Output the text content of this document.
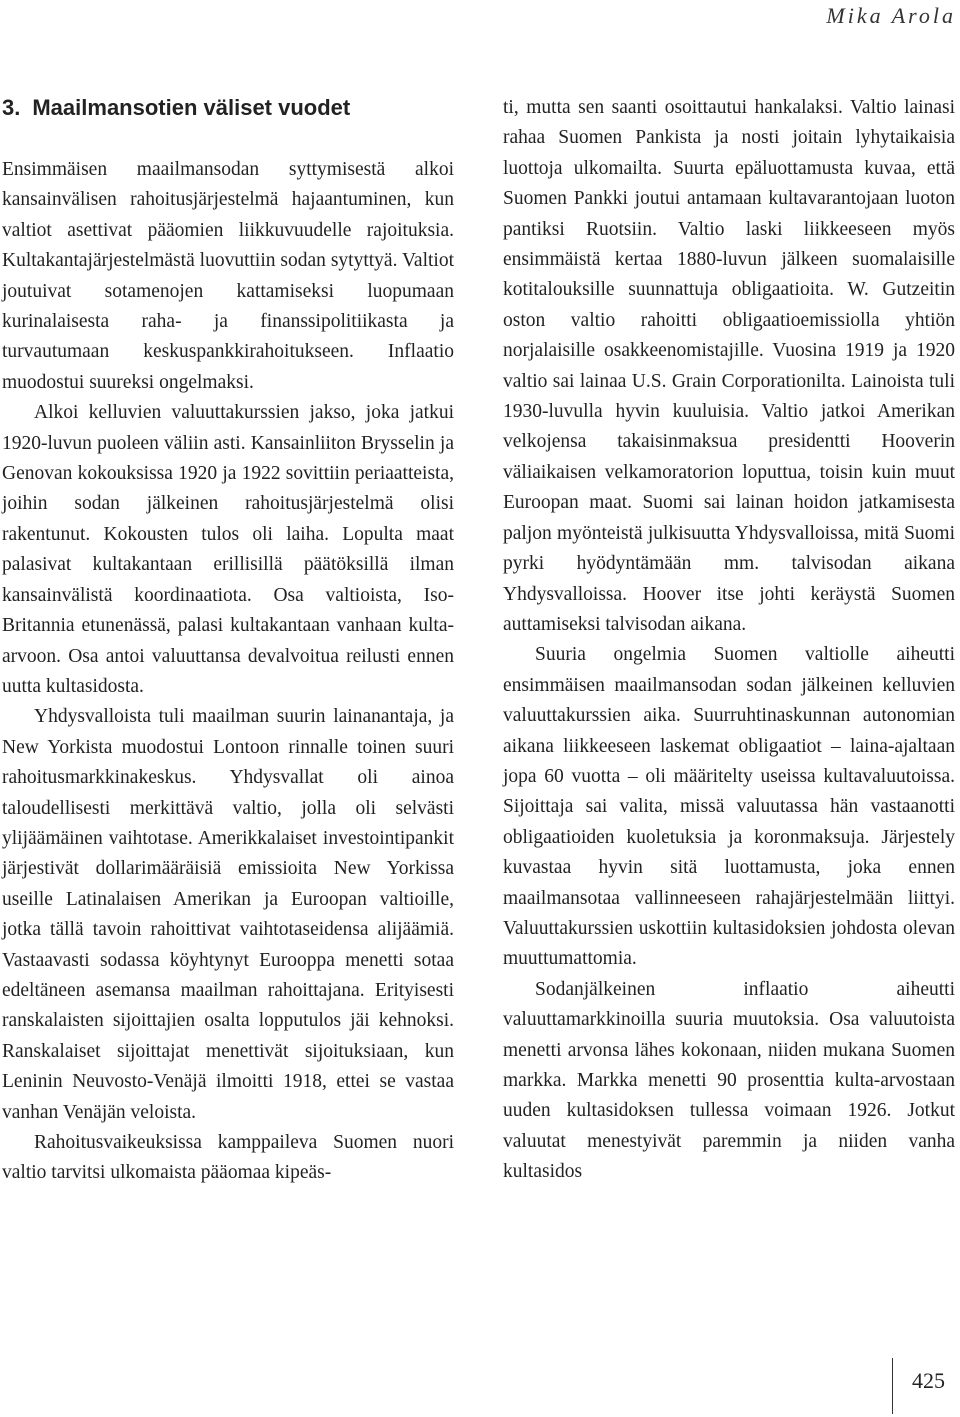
Mika Arola
3. Maailmansotien väliset vuodet

Ensimmäisen maailmansodan syttymisestä alkoi kansainvälisen rahoitusjärjestelmä hajaantuminen, kun valtiot asettivat pääomien liikkuvuudelle rajoituksia. Kultakantajärjestelmästä luovuttiin sodan sytyttyä. Valtiot joutuivat sotamenojen kattamiseksi luopumaan kurinalaisesta raha- ja finanssipolitiikasta ja turvautumaan keskuspankkirahoitukseen. Inflaatio muodostui suureksi ongelmaksi.

Alkoi kelluvien valuuttakurssien jakso, joka jatkui 1920-luvun puoleen väliin asti. Kansainliiton Brysselin ja Genovan kokouksissa 1920 ja 1922 sovittiin periaatteista, joihin sodan jälkeinen rahoitusjärjestelmä olisi rakentunut. Kokousten tulos oli laiha. Lopulta maat palasivat kultakantaan erillisillä päätöksillä ilman kansainvälistä koordinaatiota. Osa valtioista, Iso-Britannia etunenässä, palasi kultakantaan vanhaan kulta-arvoon. Osa antoi valuuttansa devalvoitua reilusti ennen uutta kultasidosta.

Yhdysvalloista tuli maailman suurin lainanantaja, ja New Yorkista muodostui Lontoon rinnalle toinen suuri rahoitusmarkkinakeskus. Yhdysvallat oli ainoa taloudellisesti merkittävä valtio, jolla oli selvästi ylijäämäinen vaihtotase. Amerikkalaiset investointipankit järjestivät dollarimääräisiä emissioita New Yorkissa useille Latinalaisen Amerikan ja Euroopan valtioille, jotka tällä tavoin rahoittivat vaihtotaseidensa alijäämiä. Vastaavasti sodassa köyhtynyt Eurooppa menetti sotaa edeltäneen asemansa maailman rahoittajana. Erityisesti ranskalaisten sijoittajien osalta lopputulos jäi kehnoksi. Ranskalaiset sijoittajat menettivät sijoituksiaan, kun Leninin Neuvosto-Venäjä ilmoitti 1918, ettei se vastaa vanhan Venäjän veloista.

Rahoitusvaikeuksissa kamppaileva Suomen nuori valtio tarvitsi ulkomaista pääomaa kipeäs-

ti, mutta sen saanti osoittautui hankalaksi. Valtio lainasi rahaa Suomen Pankista ja nosti joitain lyhytaikaisia luottoja ulkomailta. Suurta epäluottamusta kuvaa, että Suomen Pankki joutui antamaan kultavarantojaan luoton pantiksi Ruotsiin. Valtio laski liikkeeseen myös ensimmäistä kertaa 1880-luvun jälkeen suomalaisille kotitalouksille suunnattuja obligaatioita. W. Gutzeitin oston valtio rahoitti obligaatioemissiolla yhtiön norjalaisille osakkeenomistajille. Vuosina 1919 ja 1920 valtio sai lainaa U.S. Grain Corporationilta. Lainoista tuli 1930-luvulla hyvin kuuluisia. Valtio jatkoi Amerikan velkojensa takaisinmaksua presidentti Hooverin väliaikaisen velkamoratorion loputtua, toisin kuin muut Euroopan maat. Suomi sai lainan hoidon jatkamisesta paljon myönteistä julkisuutta Yhdysvalloissa, mitä Suomi pyrki hyödyntämään mm. talvisodan aikana Yhdysvalloissa. Hoover itse johti keräystä Suomen auttamiseksi talvisodan aikana.

Suuria ongelmia Suomen valtiolle aiheutti ensimmäisen maailmansodan sodan jälkeinen kelluvien valuuttakurssien aika. Suurruhtinaskunnan autonomian aikana liikkeeseen laskemat obligaatiot – laina-ajaltaan jopa 60 vuotta – oli määritelty useissa kultavaluutoissa. Sijoittaja sai valita, missä valuutassa hän vastaanotti obligaatioiden kuoletuksia ja koronmaksuja. Järjestely kuvastaa hyvin sitä luottamusta, joka ennen maailmansotaa vallinneeseen rahajärjestelmään liittyi. Valuuttakurssien uskottiin kultasidoksien johdosta olevan muuttumattomia.

Sodanjälkeinen inflaatio aiheutti valuuttamarkkinoilla suuria muutoksia. Osa valuutoista menetti arvonsa lähes kokonaan, niiden mukana Suomen markka. Markka menetti 90 prosenttia kulta-arvostaan uuden kultasidoksen tullessa voimaan 1926. Jotkut valuutat menestyivät paremmin ja niiden vanha kultasidos

425
